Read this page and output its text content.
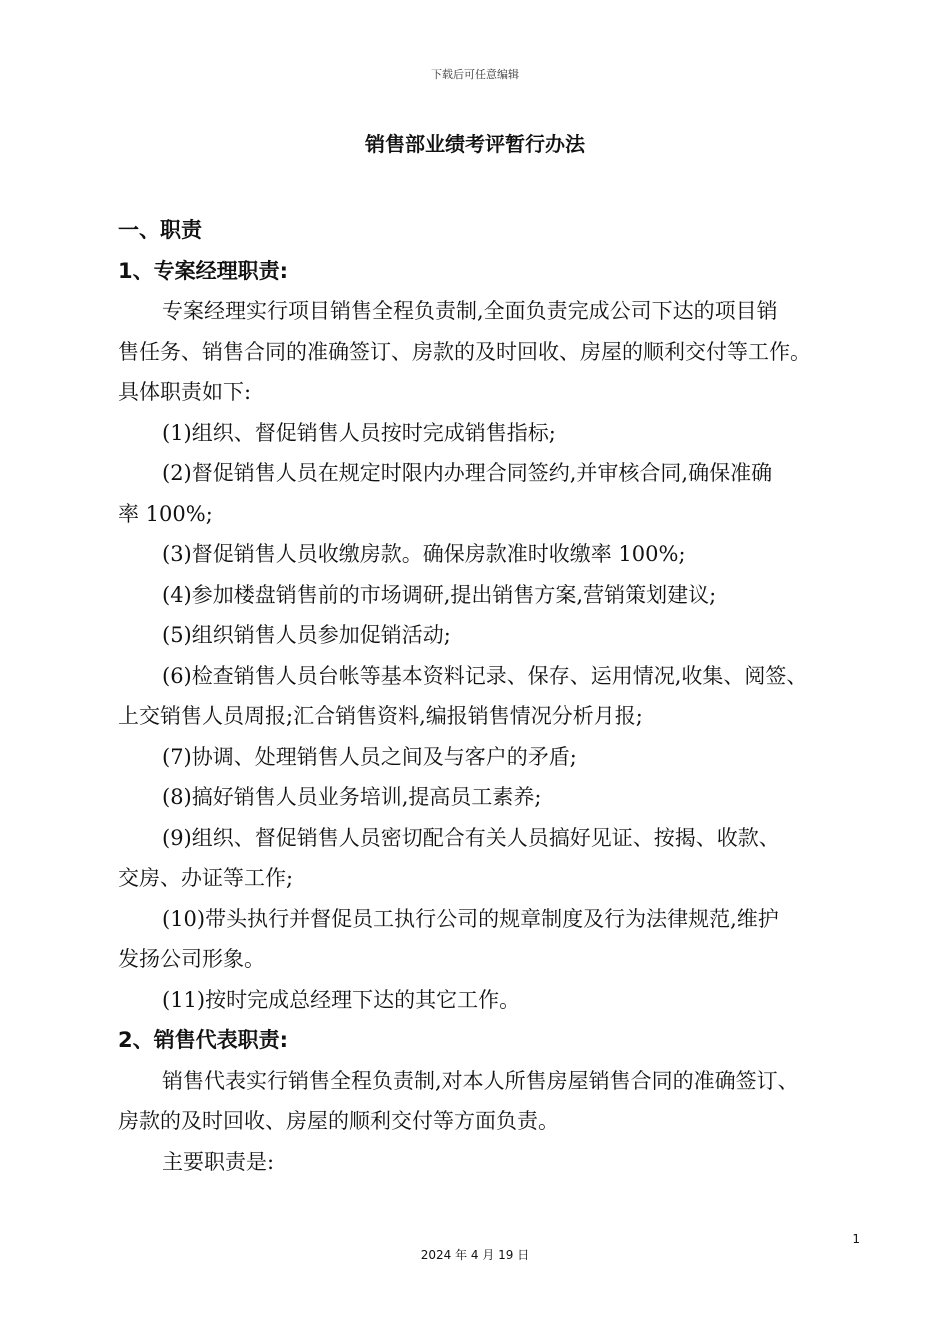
下载后可任意编辑
销售部业绩考评暂行办法
一、职责
1、专案经理职责:
专案经理实行项目销售全程负责制,全面负责完成公司下达的项目销
售任务、销售合同的准确签订、房款的及时回收、房屋的顺利交付等工作。
具体职责如下:
(1)组织、督促销售人员按时完成销售指标;
(2)督促销售人员在规定时限内办理合同签约,并审核合同,确保准确
率 100%;
(3)督促销售人员收缴房款。确保房款准时收缴率 100%;
(4)参加楼盘销售前的市场调研,提出销售方案,营销策划建议;
(5)组织销售人员参加促销活动;
(6)检查销售人员台帐等基本资料记录、保存、运用情况,收集、阅签、
上交销售人员周报;汇合销售资料,编报销售情况分析月报;
(7)协调、处理销售人员之间及与客户的矛盾;
(8)搞好销售人员业务培训,提高员工素养;
(9)组织、督促销售人员密切配合有关人员搞好见证、按揭、收款、
交房、办证等工作;
(10)带头执行并督促员工执行公司的规章制度及行为法律规范,维护
发扬公司形象。
(11)按时完成总经理下达的其它工作。
2、销售代表职责:
销售代表实行销售全程负责制,对本人所售房屋销售合同的准确签订、
房款的及时回收、房屋的顺利交付等方面负责。
主要职责是:
1
2024 年 4 月 19 日
